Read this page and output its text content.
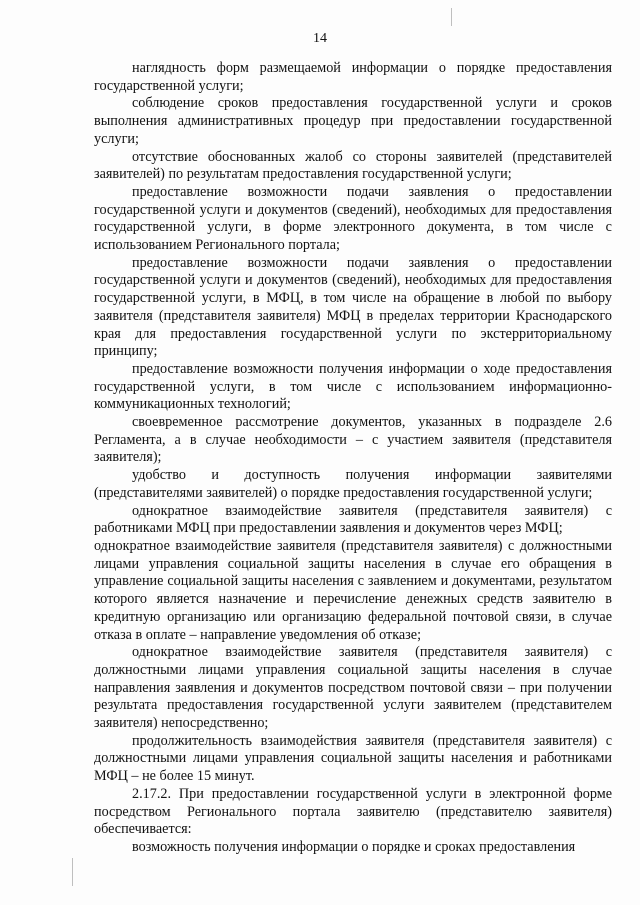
14

наглядность форм размещаемой информации о порядке предоставления государственной услуги;

соблюдение сроков предоставления государственной услуги и сроков выполнения административных процедур при предоставлении государственной услуги;

отсутствие обоснованных жалоб со стороны заявителей (представителей заявителей) по результатам предоставления государственной услуги;

предоставление возможности подачи заявления о предоставлении государственной услуги и документов (сведений), необходимых для предоставления государственной услуги, в форме электронного документа, в том числе с использованием Регионального портала;

предоставление возможности подачи заявления о предоставлении государственной услуги и документов (сведений), необходимых для предоставления государственной услуги, в МФЦ, в том числе на обращение в любой по выбору заявителя (представителя заявителя) МФЦ в пределах территории Краснодарского края для предоставления государственной услуги по экстерриториальному принципу;

предоставление возможности получения информации о ходе предоставления государственной услуги, в том числе с использованием информационно-коммуникационных технологий;

своевременное рассмотрение документов, указанных в подразделе 2.6 Регламента, а в случае необходимости – с участием заявителя (представителя заявителя);

удобство и доступность получения информации заявителями (представителями заявителей) о порядке предоставления государственной услуги;

однократное взаимодействие заявителя (представителя заявителя) с работниками МФЦ при предоставлении заявления и документов через МФЦ;

однократное взаимодействие заявителя (представителя заявителя) с должностными лицами управления социальной защиты населения в случае его обращения в управление социальной защиты населения с заявлением и документами, результатом которого является назначение и перечисление денежных средств заявителю в кредитную организацию или организацию федеральной почтовой связи, в случае отказа в оплате – направление уведомления об отказе;

однократное взаимодействие заявителя (представителя заявителя) с должностными лицами управления социальной защиты населения в случае направления заявления и документов посредством почтовой связи – при получении результата предоставления государственной услуги заявителем (представителем заявителя) непосредственно;

продолжительность взаимодействия заявителя (представителя заявителя) с должностными лицами управления социальной защиты населения и работниками МФЦ – не более 15 минут.

2.17.2. При предоставлении государственной услуги в электронной форме посредством Регионального портала заявителю (представителю заявителя) обеспечивается:

возможность получения информации о порядке и сроках предоставления
